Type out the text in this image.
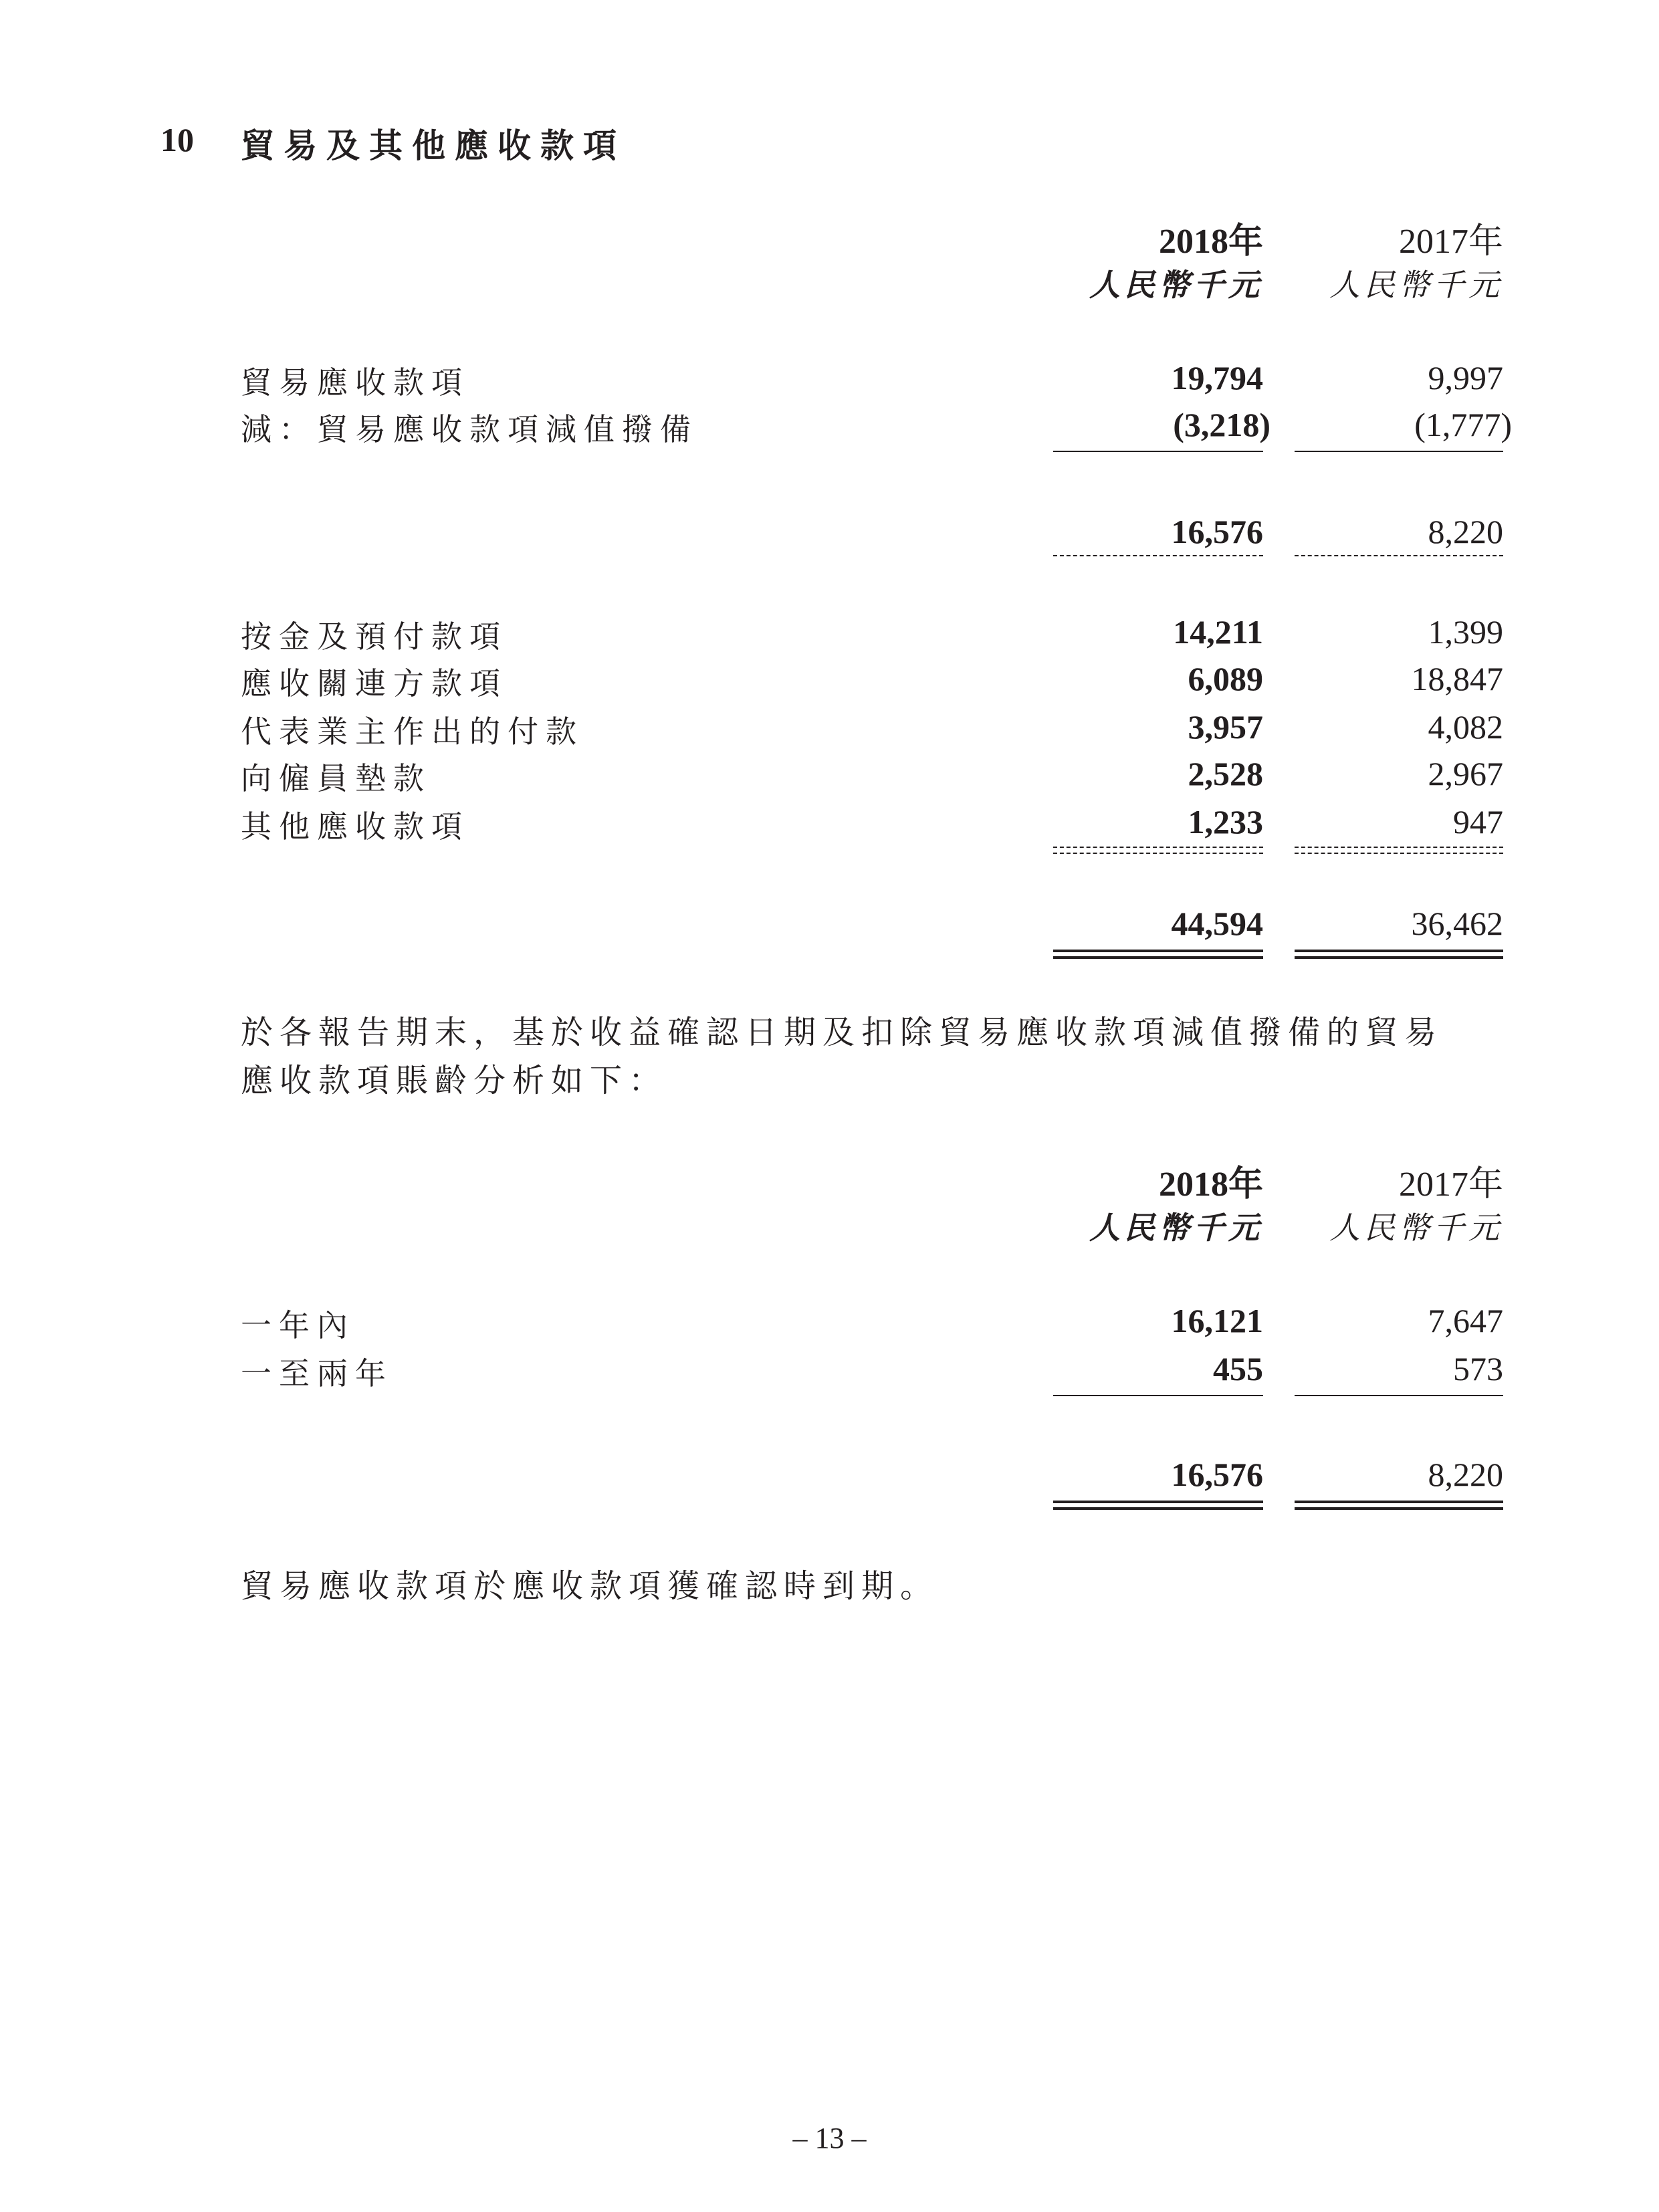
10 貿易及其他應收款項
2018年	2017年
人民幣千元 人民幣千元
貿易應收款項	19,794	9,997
減：貿易應收款項減值撥備	(3,218)	(1,777)
16,576	8,220
按金及預付款項	14,211	1,399
應收關連方款項	6,089	18,847
代表業主作出的付款	3,957	4,082
向僱員墊款	2,528	2,967
其他應收款項	1,233	947
44,594	36,462
於各報告期末，基於收益確認日期及扣除貿易應收款項減值撥備的貿易
應收款項賬齡分析如下：
2018年	2017年
人民幣千元 人民幣千元
一年內	16,121	7,647
一至兩年	455	573
16,576	8,220
貿易應收款項於應收款項獲確認時到期。
– 13 –
